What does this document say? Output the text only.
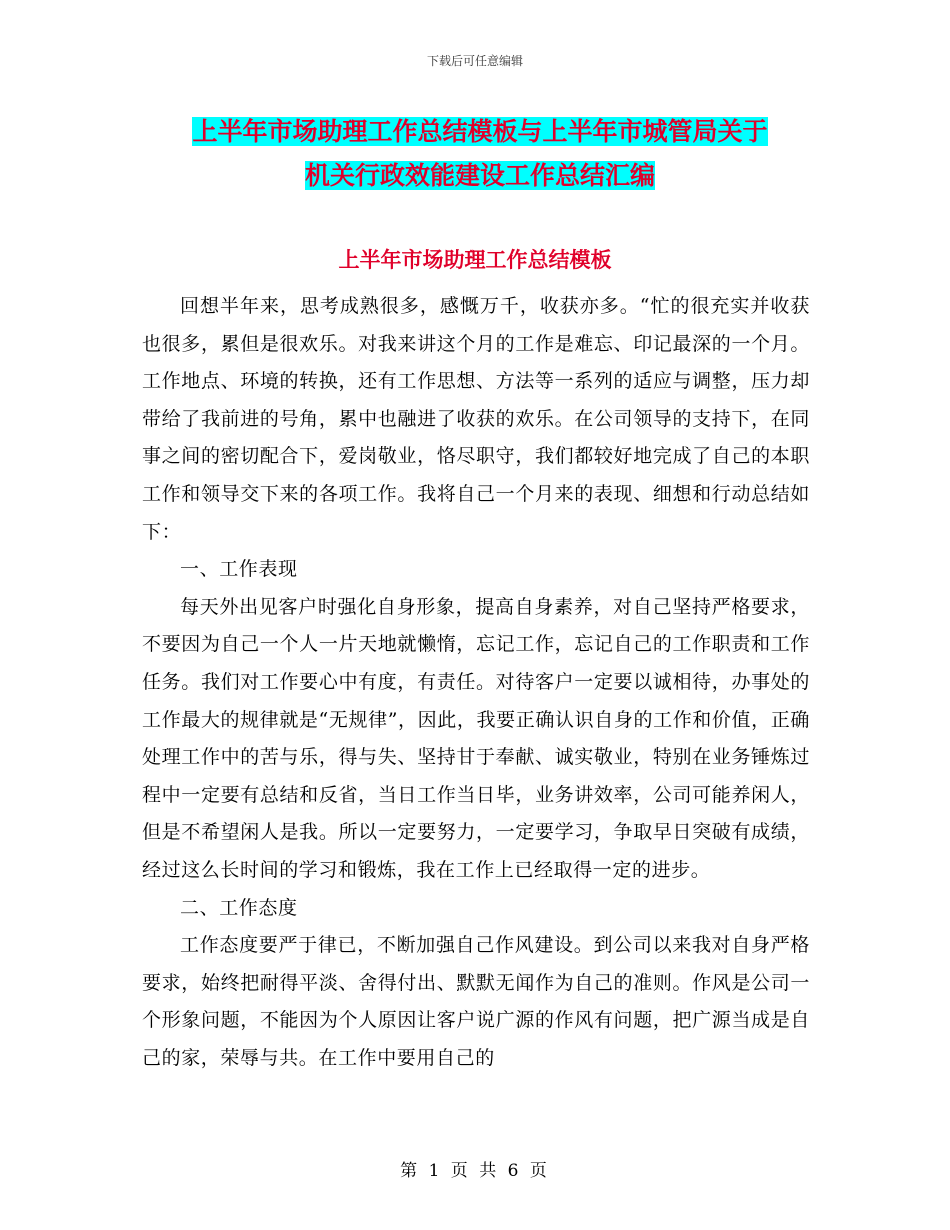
下载后可任意编辑
上半年市场助理工作总结模板与上半年市城管局关于
机关行政效能建设工作总结汇编
上半年市场助理工作总结模板

回想半年来，思考成熟很多，感慨万千，收获亦多。“忙的很充实并收获也很多，累但是很欢乐。对我来讲这个月的工作是难忘、印记最深的一个月。工作地点、环境的转换，还有工作思想、方法等一系列的适应与调整，压力却带给了我前进的号角，累中也融进了收获的欢乐。在公司领导的支持下，在同事之间的密切配合下，爱岗敬业，恪尽职守，我们都较好地完成了自己的本职工作和领导交下来的各项工作。我将自己一个月来的表现、细想和行动总结如下：

一、工作表现

每天外出见客户时强化自身形象，提高自身素养，对自己坚持严格要求， 不要因为自己一个人一片天地就懒惰，忘记工作，忘记自己的工作职责和工作任务。我们对工作要心中有度，有责任。对待客户一定要以诚相待，办事处的工作最大的规律就是“无规律”，因此，我要正确认识自身的工作和价值，正确处理工作中的苦与乐，得与失、坚持甘于奉献、诚实敬业，特别在业务锤炼过程中一定要有总结和反省，当日工作当日毕，业务讲效率，公司可能养闲人，但是不希望闲人是我。所以一定要努力，一定要学习，争取早日突破有成绩，经过这么长时间的学习和锻炼，我在工作上已经取得一定的进步。

二、工作态度

工作态度要严于律已，不断加强自己作风建设。到公司以来我对自身严格要求，始终把耐得平淡、舍得付出、默默无闻作为自己的准则。作风是公司一个形象问题，不能因为个人原因让客户说广源的作风有问题，把广源当成是自己的家，荣辱与共。在工作中要用自己的

第 1 页 共 6 页
